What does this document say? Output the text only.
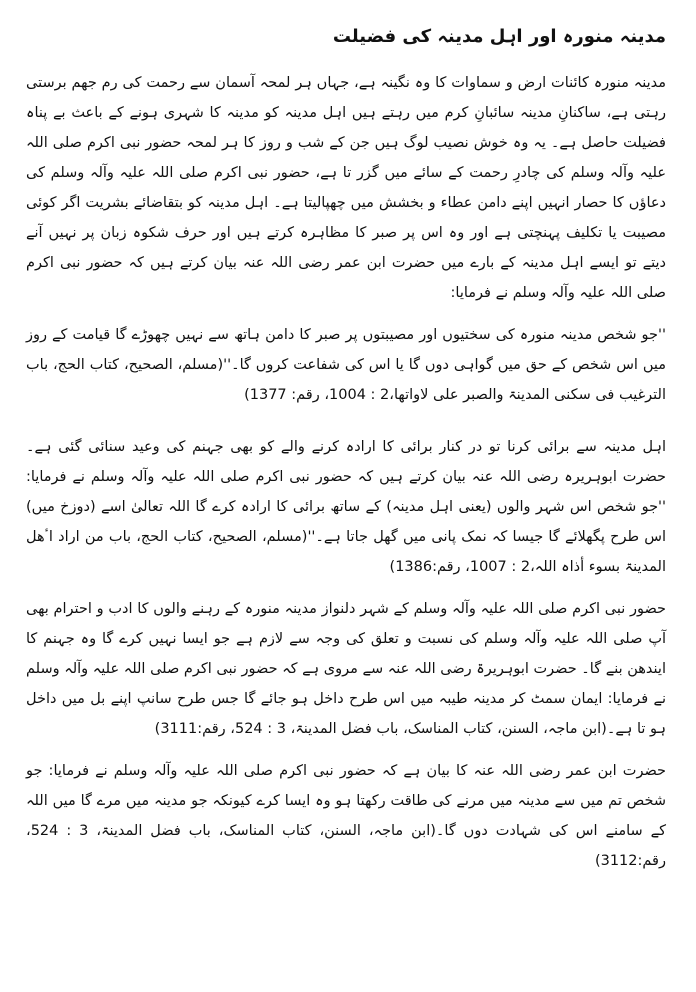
مدینہ منورہ اور اہل مدینہ کی فضیلت

مدینہ منورہ کائنات ارض و سماوات کا وہ نگینہ ہے، جہاں ہر لمحہ آسمان سے رحمت کی رم جھم برستی رہتی ہے، ساکنانِ مدینہ سائبانِ کرم میں رہتے ہیں اہل مدینہ کو مدینہ کا شہری ہونے کے باعث بے پناہ فضیلت حاصل ہے۔ یہ وہ خوش نصیب لوگ ہیں جن کے شب و روز کا ہر لمحہ حضور نبی اکرم صلی اللہ علیہ وآلہ وسلم کی چادرِ رحمت کے سائے میں گزر تا ہے، حضور نبی اکرم صلی اللہ علیہ وآلہ وسلم کی دعاؤں کا حصار انہیں اپنے دامن عطاء و بخشش میں چھپالیتا ہے۔ اہل مدینہ کو بتقاضائے بشریت اگر کوئی مصیبت یا تکلیف پہنچتی ہے اور وہ اس پر صبر کا مظاہرہ کرتے ہیں اور حرف شکوہ زبان پر نہیں آنے دیتے تو ایسے اہل مدینہ کے بارے میں حضرت ابن عمر رضی اللہ عنہ بیان کرتے ہیں کہ حضور نبی اکرم صلی اللہ علیہ وآلہ وسلم نے فرمایا:

''جو شخص مدینہ منورہ کی سختیوں اور مصیبتوں پر صبر کا دامن ہاتھ سے نہیں چھوڑے گا قیامت کے روز میں اس شخص کے حق میں گواہی دوں گا یا اس کی شفاعت کروں گا۔''(مسلم، الصحیح، کتاب الحج، باب الترغیب فی سکنی المدینۃ والصبر علی لاواتھا،2 : 1004، رقم: 1377)

اہل مدینہ سے برائی کرنا تو در کنار برائی کا ارادہ کرنے والے کو بھی جہنم کی وعید سنائی گئی ہے۔ حضرت ابوہریرہ رضی اللہ عنہ بیان کرتے ہیں کہ حضور نبی اکرم صلی اللہ علیہ وآلہ وسلم نے فرمایا: ''جو شخص اس شہر والوں (یعنی اہل مدینہ) کے ساتھ برائی کا ارادہ کرے گا اللہ تعالیٰ اسے (دوزخ میں) اس طرح پگھلائے گا جیسا کہ نمک پانی میں گھل جاتا ہے۔''(مسلم، الصحیح، کتاب الحج، باب من اراد اٴھل المدینۃ بسوء أذاہ اللہ،2 : 1007، رقم:1386)

حضور نبی اکرم صلی اللہ علیہ وآلہ وسلم کے شہر دلنواز مدینہ منورہ کے رہنے والوں کا ادب و احترام بھی آپ صلی اللہ علیہ وآلہ وسلم کی نسبت و تعلق کی وجہ سے لازم ہے جو ایسا نہیں کرے گا وہ جہنم کا ایندھن بنے گا۔ حضرت ابوہریرۃ رضی اللہ عنہ سے مروی ہے کہ حضور نبی اکرم صلی اللہ علیہ وآلہ وسلم نے فرمایا: ایمان سمٹ کر مدینہ طیبہ میں اس طرح داخل ہو جائے گا جس طرح سانپ اپنے بل میں داخل ہو تا ہے۔(ابن ماجہ، السنن، کتاب المناسک، باب فضل المدینۃ، 3 : 524، رقم:3111)

حضرت ابن عمر رضی اللہ عنہ کا بیان ہے کہ حضور نبی اکرم صلی اللہ علیہ وآلہ وسلم نے فرمایا: جو شخص تم میں سے مدینہ میں مرنے کی طاقت رکھتا ہو وہ ایسا کرے کیونکہ جو مدینہ میں مرے گا میں اللہ کے سامنے اس کی شہادت دوں گا۔(ابن ماجہ، السنن، کتاب المناسک، باب فضل المدینۃ، 3 : 524، رقم:3112)
